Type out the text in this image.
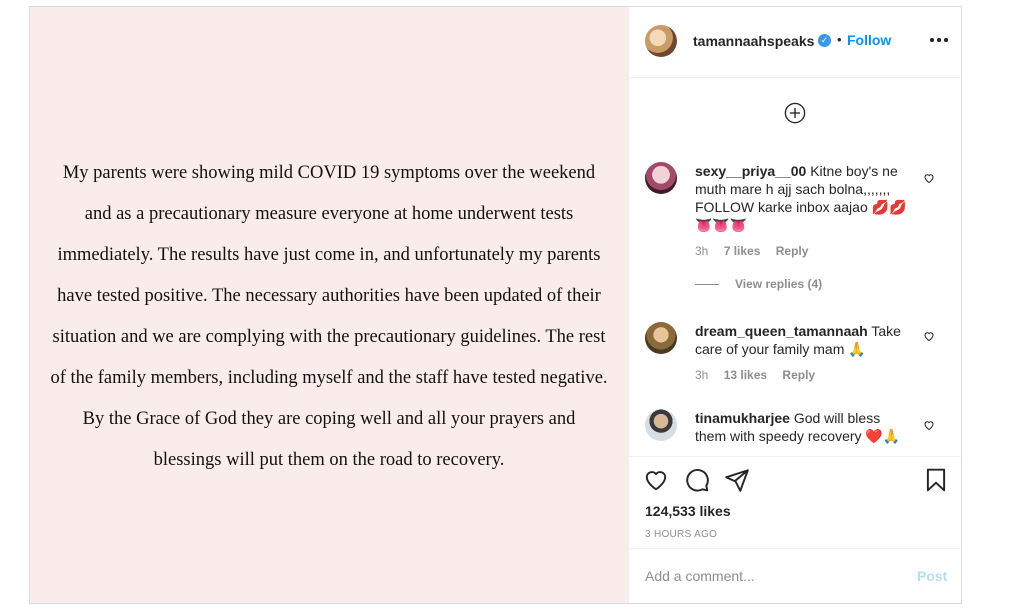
My parents were showing mild COVID 19 symptoms over the weekend and as a precautionary measure everyone at home underwent tests immediately. The results have just come in, and unfortunately my parents have tested positive. The necessary authorities have been updated of their situation and we are complying with the precautionary guidelines. The rest of the family members, including myself and the staff have tested negative. By the Grace of God they are coping well and all your prayers and blessings will put them on the road to recovery.
tamannaahspeaks ✓ • Follow
sexy__priya__00 Kitne boy's ne muth mare h ajj sach bolna,,,,,,, FOLLOW karke inbox aajao 💋💋👅👅👅
3h 7 likes Reply
View replies (4)
dream_queen_tamannaah Take care of your family mam 🙏
3h 13 likes Reply
tinamukharjee God will bless them with speedy recovery ❤️🙏
124,533 likes
3 HOURS AGO
Add a comment...
Post
